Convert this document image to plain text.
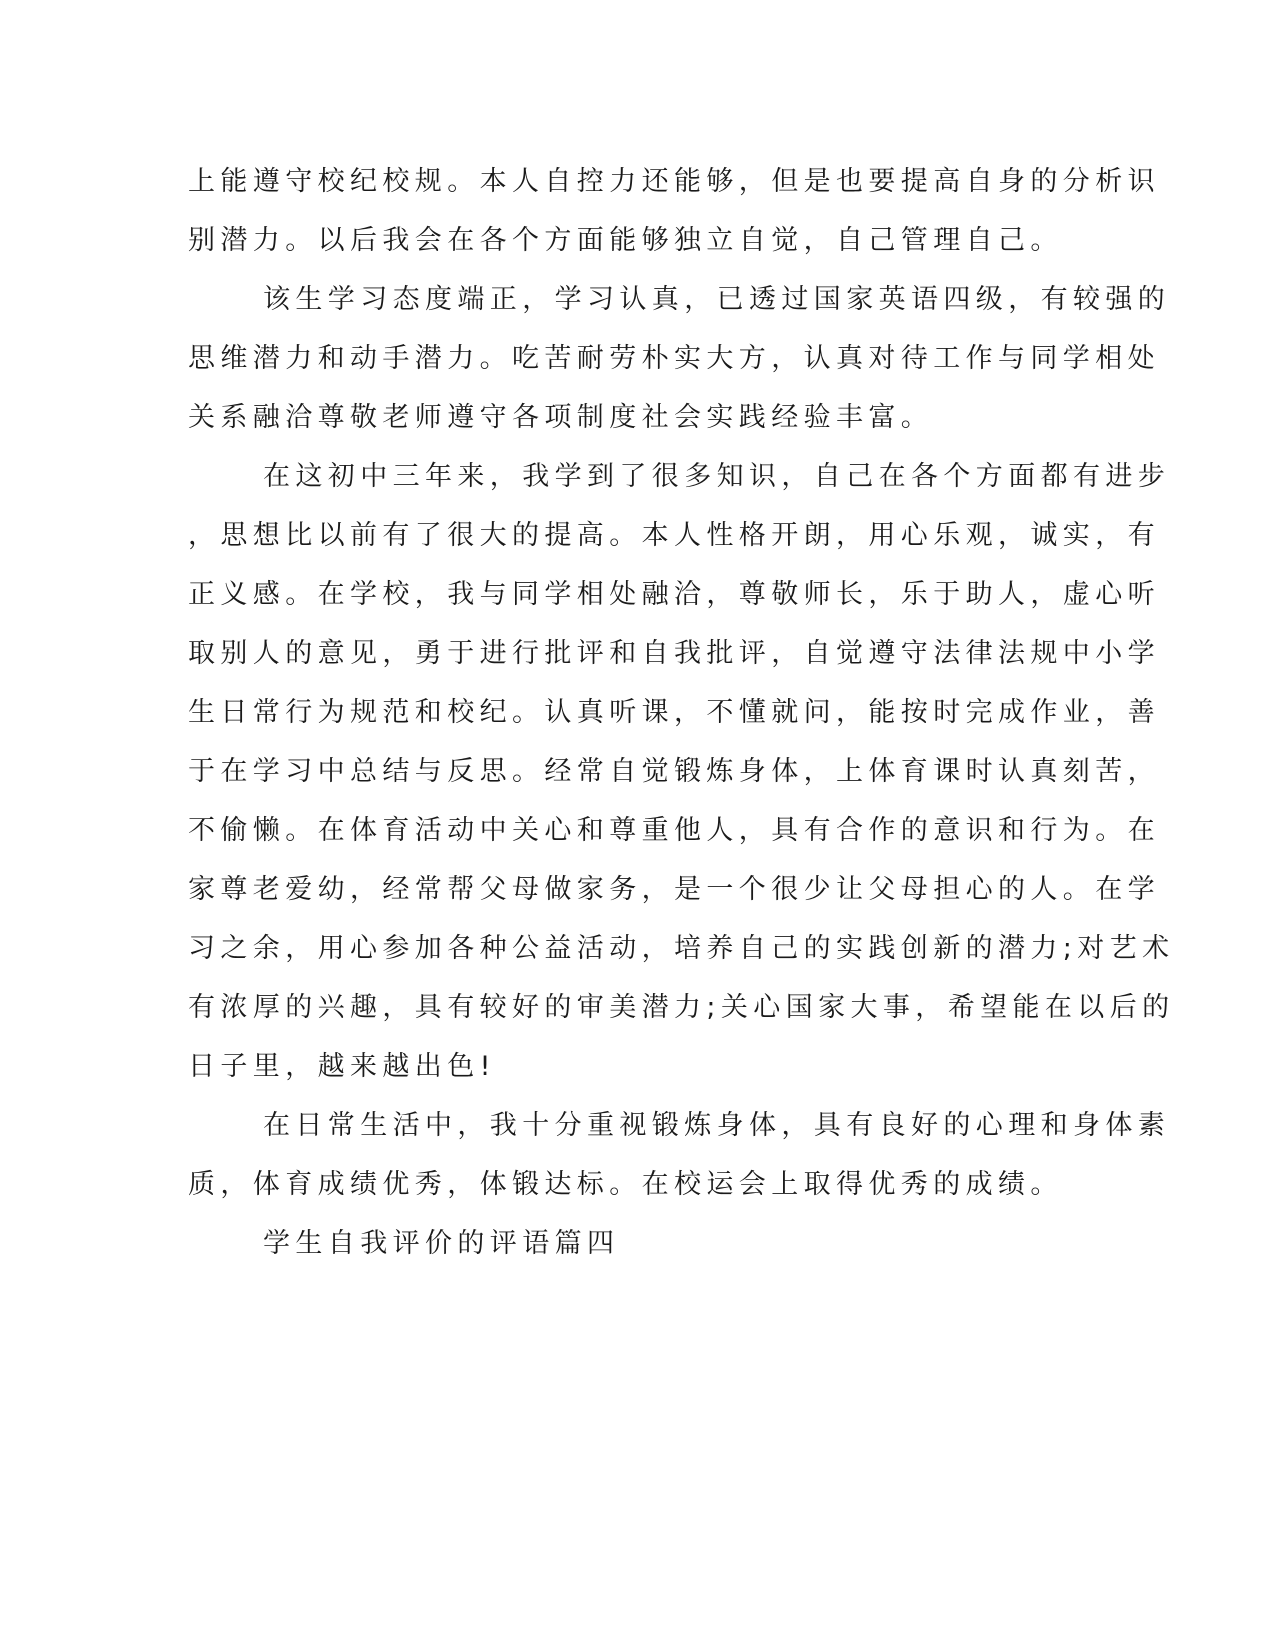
上能遵守校纪校规。本人自控力还能够，但是也要提高自身的分析识
别潜力。以后我会在各个方面能够独立自觉，自己管理自己。
该生学习态度端正，学习认真，已透过国家英语四级，有较强的
思维潜力和动手潜力。吃苦耐劳朴实大方，认真对待工作与同学相处
关系融洽尊敬老师遵守各项制度社会实践经验丰富。
在这初中三年来，我学到了很多知识，自己在各个方面都有进步
，思想比以前有了很大的提高。本人性格开朗，用心乐观，诚实，有
正义感。在学校，我与同学相处融洽，尊敬师长，乐于助人，虚心听
取别人的意见，勇于进行批评和自我批评，自觉遵守法律法规中小学
生日常行为规范和校纪。认真听课，不懂就问，能按时完成作业，善
于在学习中总结与反思。经常自觉锻炼身体，上体育课时认真刻苦，
不偷懒。在体育活动中关心和尊重他人，具有合作的意识和行为。在
家尊老爱幼，经常帮父母做家务，是一个很少让父母担心的人。在学
习之余，用心参加各种公益活动，培养自己的实践创新的潜力;对艺术
有浓厚的兴趣，具有较好的审美潜力;关心国家大事，希望能在以后的
日子里，越来越出色!
在日常生活中，我十分重视锻炼身体，具有良好的心理和身体素
质，体育成绩优秀，体锻达标。在校运会上取得优秀的成绩。
学生自我评价的评语篇四
